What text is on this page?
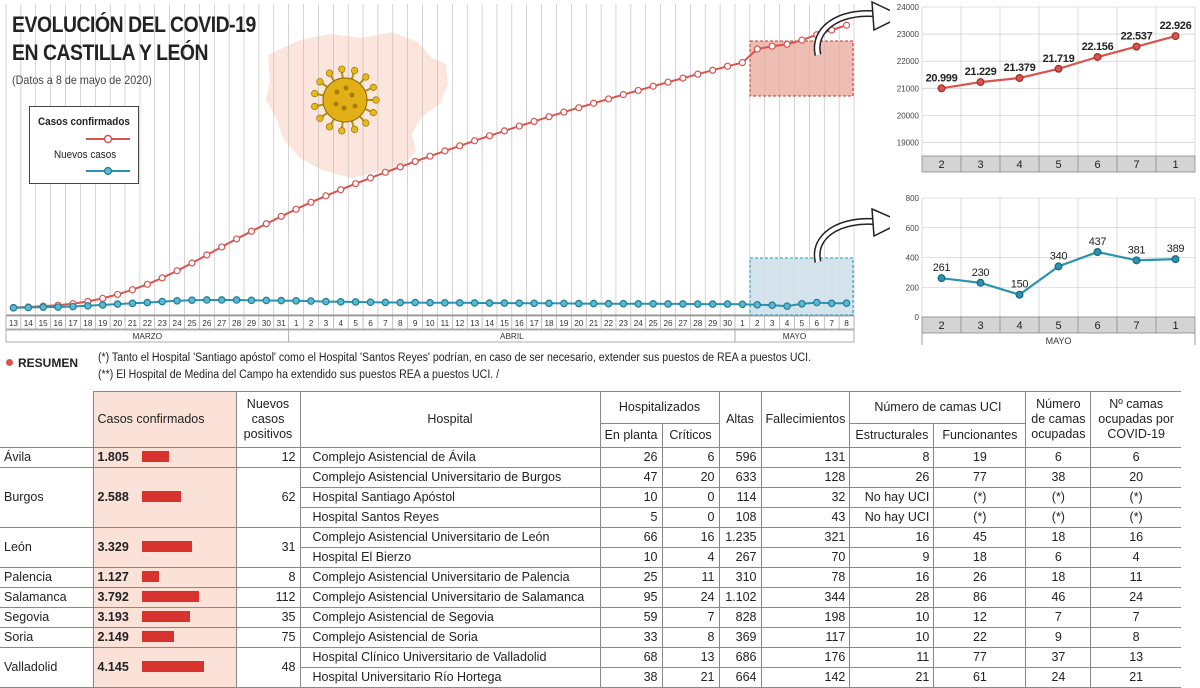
13 14 15 16 17 18 19 20 21 22 23 24 25 26 27 28 29 30 31 1 2 3 4 5 6 7 8 9 10 11 12 13 14 15 16 17 18 19 20 21 22 23 24 25 26 27 28 29 30 1 2 3 4 5 6 7 8
MARZO	ABRIL	MAYO
EVOLUCIÓN DEL COVID-19
EN CASTILLA Y LEÓN
(Datos a 8 de mayo de 2020)
Casos confirmados
Nuevos casos
24000
23000
22000
21000
20000
19000
2	3	4	5	6	7	1
20.999
21.229 21.379
21.719
22.156
22.537
22.926
800
600
400
200
0
2	3	4	5	6	7	1
MAYO
261 230
150
340
437
381 389
RESUMEN (*) Tanto el Hospital 'Santiago apóstol' como el Hospital 'Santos Reyes' podrían, en caso de ser necesario, extender sus puestos de REA a puestos UCI.
(**) El Hospital de Medina del Campo ha extendido sus puestos REA a puestos UCI. /
	Casos confirmados	Nuevos casos positivos	Hospital	Hospitalizados		Altas	Fallecimientos	Número de camas UCI		Número de camas ocupadas	Nº camas ocupadas por COVID-19
				En planta	Críticos			Estructurales	Funcionantes		
Ávila	1.805	12	Complejo Asistencial de Ávila	26	6	596	131	8	19	6	6
Burgos	2.588	62	Complejo Asistencial Universitario de Burgos	47	20	633	128	26	77	38	20
			Hospital Santiago Apóstol	10	0	114	32	No hay UCI	(*)	(*)	(*)
			Hospital Santos Reyes	5	0	108	43	No hay UCI	(*)	(*)	(*)
León	3.329	31	Complejo Asistencial Universitario de León	66	16	1.235	321	16	45	18	16
			Hospital El Bierzo	10	4	267	70	9	18	6	4
Palencia	1.127	8	Complejo Asistencial Universitario de Palencia	25	11	310	78	16	26	18	11
Salamanca	3.792	112	Complejo Asistencial Universitario de Salamanca	95	24	1.102	344	28	86	46	24
Segovia	3.193	35	Complejo Asistencial de Segovia	59	7	828	198	10	12	7	7
Soria	2.149	75	Complejo Asistencial de Soria	33	8	369	117	10	22	9	8
Valladolid	4.145	48	Hospital Clínico Universitario de Valladolid	68	13	686	176	11	77	37	13
			Hospital Universitario Río Hortega	38	21	664	142	21	61	24	21
